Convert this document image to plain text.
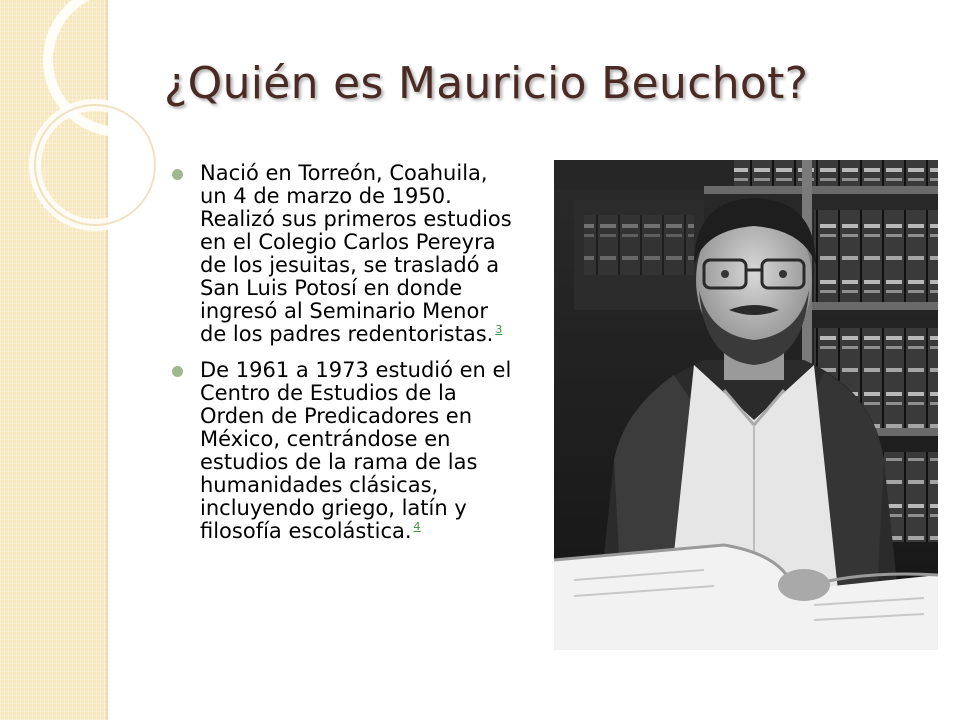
¿Quién es Mauricio Beuchot?
Nació en Torreón, Coahuila,
un 4 de marzo de 1950.
Realizó sus primeros estudios
en el Colegio Carlos Pereyra
de los jesuitas, se trasladó a
San Luis Potosí en donde
ingresó al Seminario Menor
de los padres redentoristas. $^3$
De 1961 a 1973 estudió en el
Centro de Estudios de la
Orden de Predicadores en
México, centrándose en
estudios de la rama de las
humanidades clásicas,
incluyendo griego, latín y
filosofía escolástica. $^4$
